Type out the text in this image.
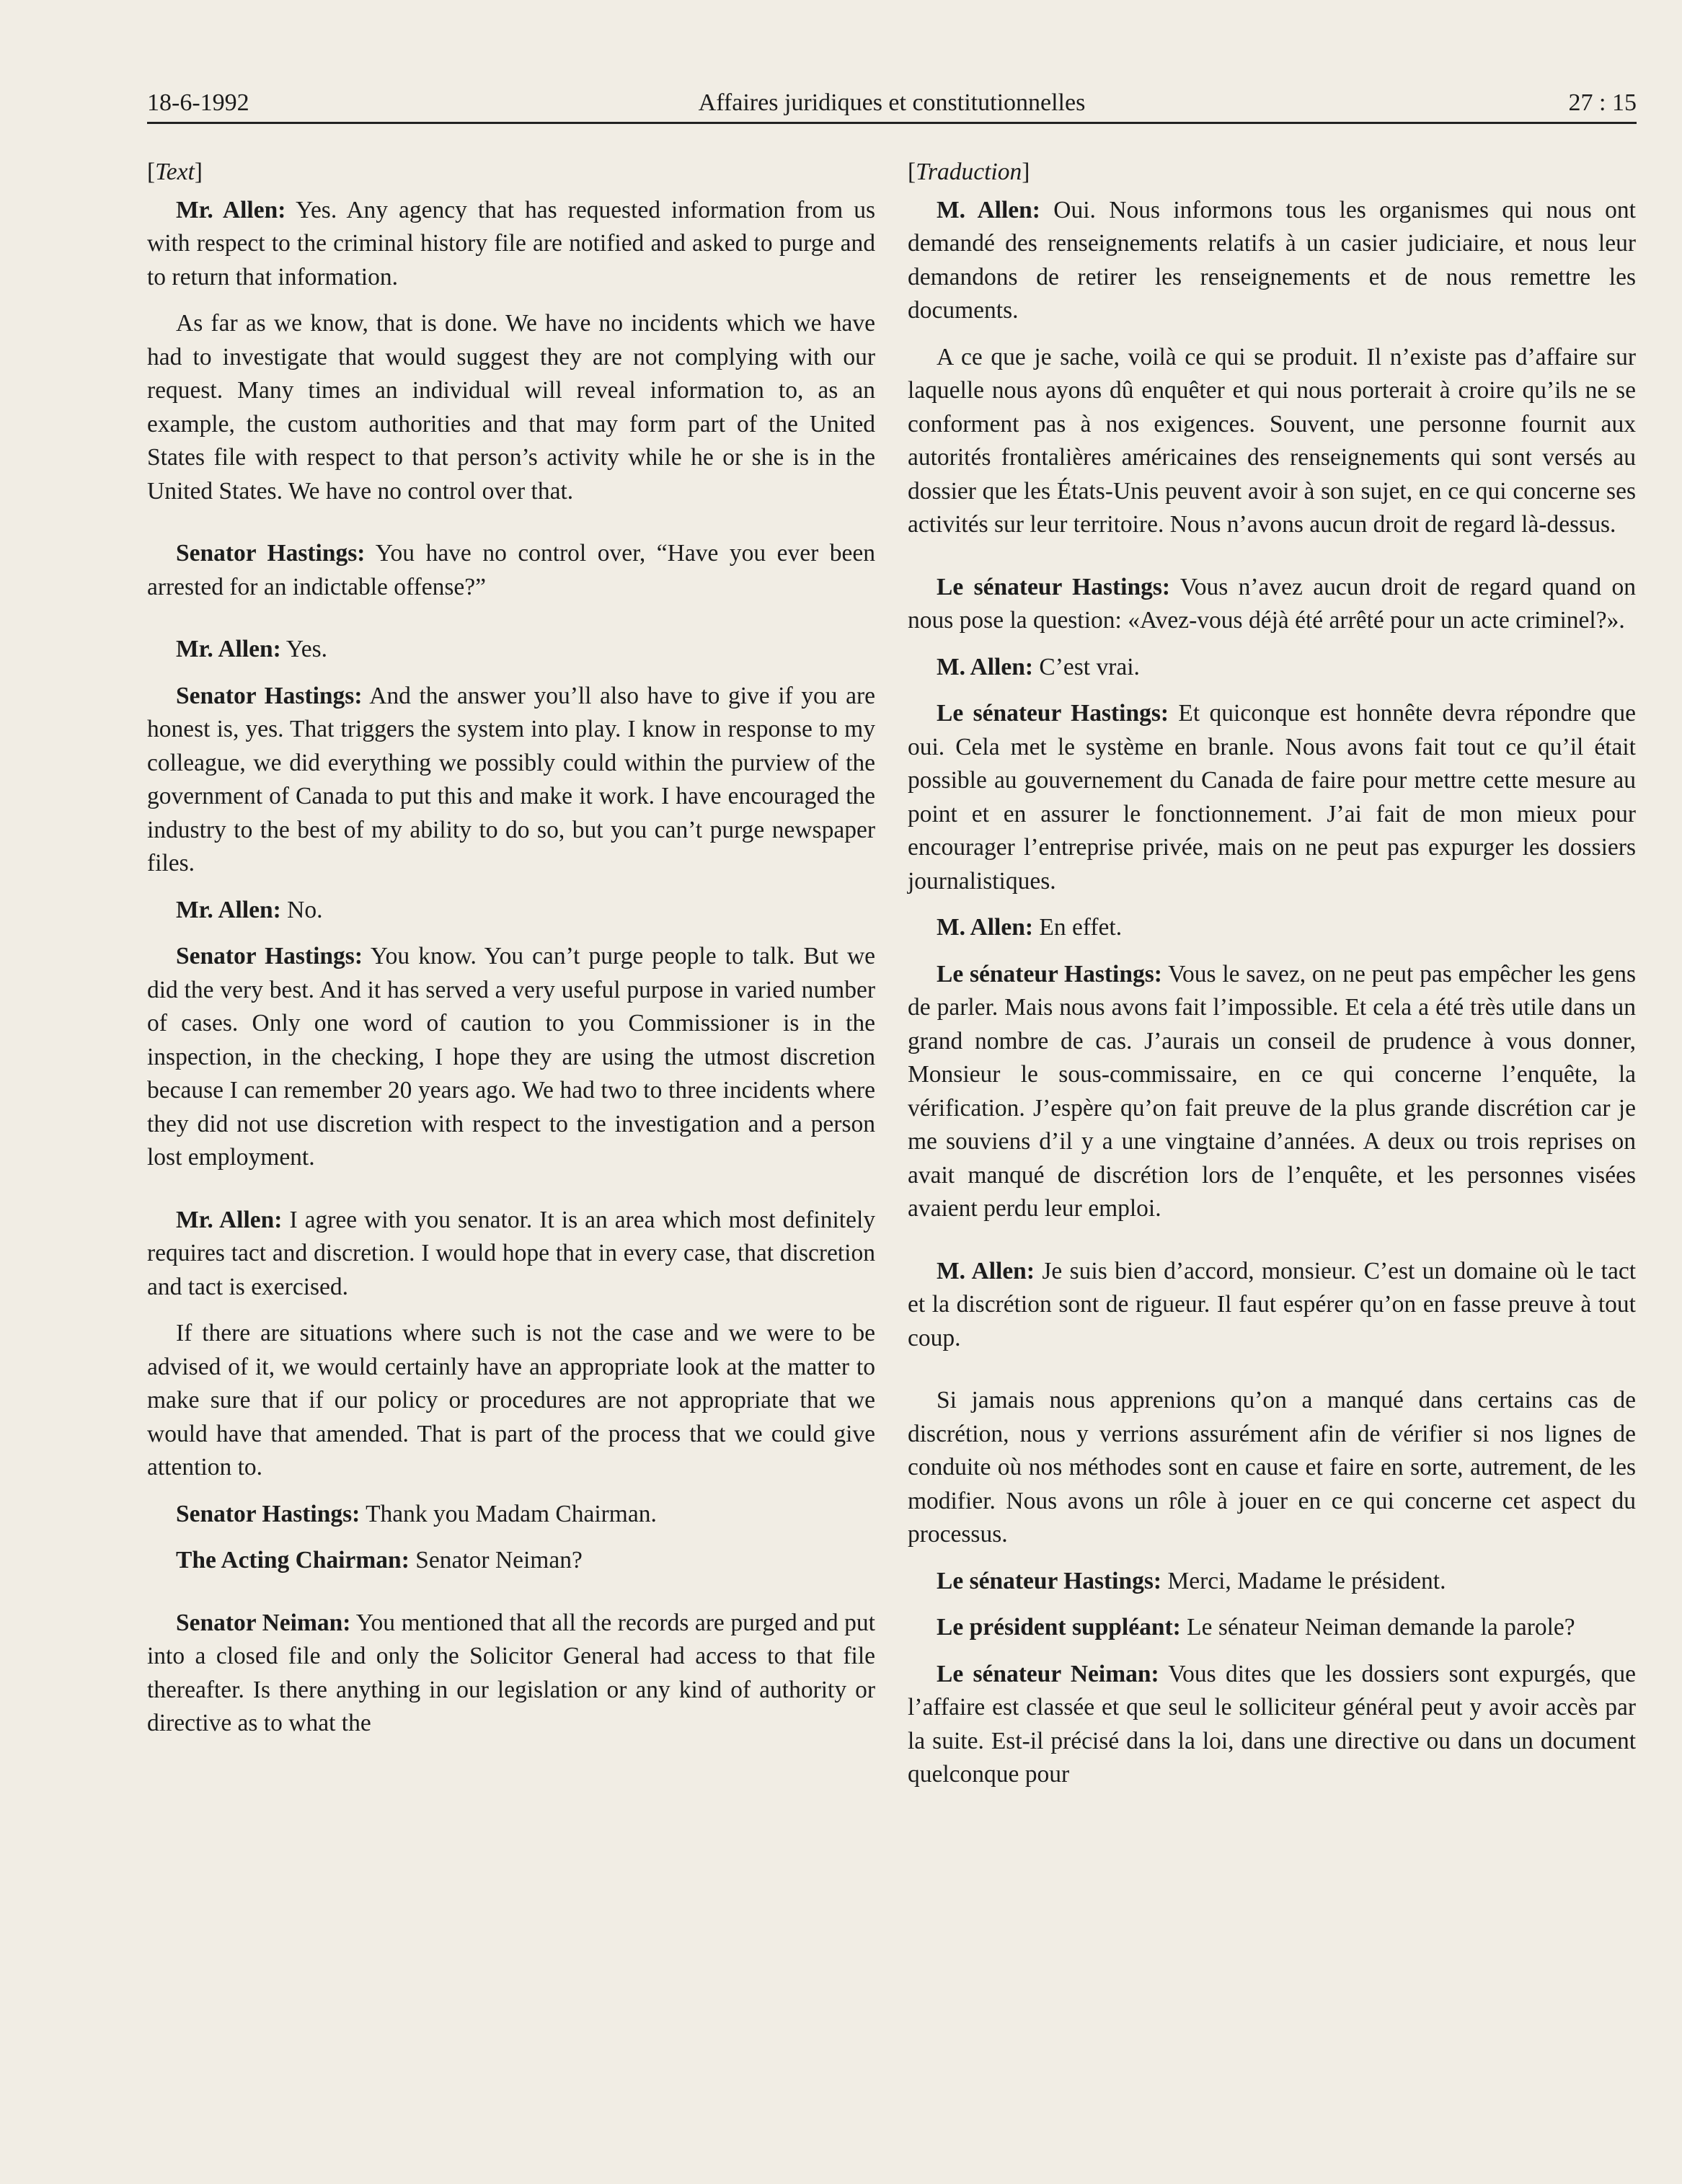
18-6-1992	Affaires juridiques et constitutionnelles	27 : 15

[Text]

Mr. Allen: Yes. Any agency that has requested information from us with respect to the criminal history file are notified and asked to purge and to return that information.

As far as we know, that is done. We have no incidents which we have had to investigate that would suggest they are not complying with our request. Many times an individual will reveal information to, as an example, the custom authorities and that may form part of the United States file with respect to that person’s activity while he or she is in the United States. We have no control over that.

Senator Hastings: You have no control over, “Have you ever been arrested for an indictable offense?”

Mr. Allen: Yes.

Senator Hastings: And the answer you’ll also have to give if you are honest is, yes. That triggers the system into play. I know in response to my colleague, we did everything we possibly could within the purview of the government of Canada to put this and make it work. I have encouraged the industry to the best of my ability to do so, but you can’t purge newspaper files.

Mr. Allen: No.

Senator Hastings: You know. You can’t purge people to talk. But we did the very best. And it has served a very useful purpose in varied number of cases. Only one word of caution to you Commissioner is in the inspection, in the checking, I hope they are using the utmost discretion because I can remember 20 years ago. We had two to three incidents where they did not use discretion with respect to the investigation and a person lost employment.

Mr. Allen: I agree with you senator. It is an area which most definitely requires tact and discretion. I would hope that in every case, that discretion and tact is exercised.

If there are situations where such is not the case and we were to be advised of it, we would certainly have an appropriate look at the matter to make sure that if our policy or procedures are not appropriate that we would have that amended. That is part of the process that we could give attention to.

Senator Hastings: Thank you Madam Chairman.

The Acting Chairman: Senator Neiman?

Senator Neiman: You mentioned that all the records are purged and put into a closed file and only the Solicitor General had access to that file thereafter. Is there anything in our legislation or any kind of authority or directive as to what the

[Traduction]

M. Allen: Oui. Nous informons tous les organismes qui nous ont demandé des renseignements relatifs à un casier judiciaire, et nous leur demandons de retirer les renseignements et de nous remettre les documents.

A ce que je sache, voilà ce qui se produit. Il n’existe pas d’affaire sur laquelle nous ayons dû enquêter et qui nous porterait à croire qu’ils ne se conforment pas à nos exigences. Souvent, une personne fournit aux autorités frontalières américaines des renseignements qui sont versés au dossier que les États-Unis peuvent avoir à son sujet, en ce qui concerne ses activités sur leur territoire. Nous n’avons aucun droit de regard là-dessus.

Le sénateur Hastings: Vous n’avez aucun droit de regard quand on nous pose la question: «Avez-vous déjà été arrêté pour un acte criminel?».

M. Allen: C’est vrai.

Le sénateur Hastings: Et quiconque est honnête devra répondre que oui. Cela met le système en branle. Nous avons fait tout ce qu’il était possible au gouvernement du Canada de faire pour mettre cette mesure au point et en assurer le fonctionnement. J’ai fait de mon mieux pour encourager l’entreprise privée, mais on ne peut pas expurger les dossiers journalistiques.

M. Allen: En effet.

Le sénateur Hastings: Vous le savez, on ne peut pas empêcher les gens de parler. Mais nous avons fait l’impossible. Et cela a été très utile dans un grand nombre de cas. J’aurais un conseil de prudence à vous donner, Monsieur le sous-commissaire, en ce qui concerne l’enquête, la vérification. J’espère qu’on fait preuve de la plus grande discrétion car je me souviens d’il y a une vingtaine d’années. A deux ou trois reprises on avait manqué de discrétion lors de l’enquête, et les personnes visées avaient perdu leur emploi.

M. Allen: Je suis bien d’accord, monsieur. C’est un domaine où le tact et la discrétion sont de rigueur. Il faut espérer qu’on en fasse preuve à tout coup.

Si jamais nous apprenions qu’on a manqué dans certains cas de discrétion, nous y verrions assurément afin de vérifier si nos lignes de conduite où nos méthodes sont en cause et faire en sorte, autrement, de les modifier. Nous avons un rôle à jouer en ce qui concerne cet aspect du processus.

Le sénateur Hastings: Merci, Madame le président.

Le président suppléant: Le sénateur Neiman demande la parole?

Le sénateur Neiman: Vous dites que les dossiers sont expurgés, que l’affaire est classée et que seul le solliciteur général peut y avoir accès par la suite. Est-il précisé dans la loi, dans une directive ou dans un document quelconque pour
